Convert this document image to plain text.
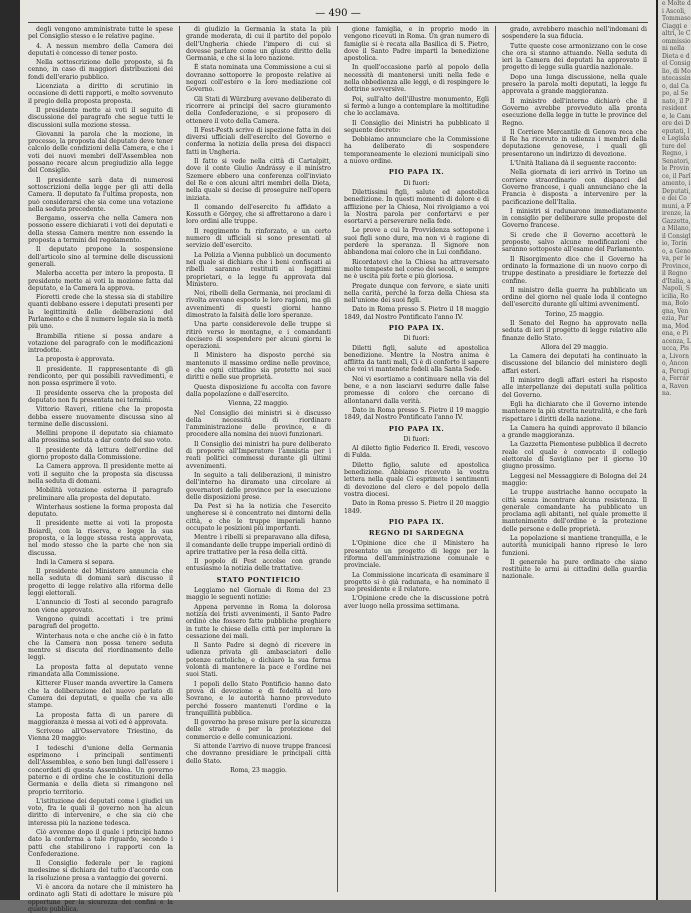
— 490 —

degli vengono amministrate tutte le spese pel Consiglio stesso e le relative pagine.

4. A nessun membro della Camera dei deputati è concesso di tener posto.

Nella sottoscrizione delle proposte, si fa cenno, in caso di maggiori distribuzioni dei fondi dell'erario pubblico.

Licenziata a diritto di scrutinio in occasione di detti rapporti, e molto sovvenuto il pregio della proposta proposta.

Il presidente mette ai voti il seguito di discussione del paragrafo che segue tutti le discussioni sulla mozione stessa.

Giovanni la parola che la mozione, in processo, la proposta dal deputato deve tener calcolo delle condizioni della Camera, e che i voti dei nuovi membri dell'Assemblea non possano recare alcun pregiudizio alla legge del Consiglio.

Il presidente sarà data di numerosi sottoscrizioni della legge per gli atti della Camera. Il deputato fa l'ultima proposta, non può considerarsi che sia come una votazione nella seduta precedente.

Bergamo, osserva che nella Camera non possono essere dichiarati i voti dei deputati e della stessa Camera mentre non essendo la proposta a termini del regolamento.

Il deputato propone la sospensione dell'articolo sino al termine delle discussioni generali.

Malerba accetta per intero la proposta. Il presidente mette ai voti la mozione fatta dal deputato, e la Camera la approva.

Fioretti crede che la stessa sia di stabilire quanti debbano essere i deputati presenti per la legittimità delle deliberazioni del Parlamento e che il numero legale sia la metà più uno.

Brambilla ritiene si possa andare a votazione del paragrafo con le modificazioni introdotte.

La proposta è approvata.

Il presidente. Il rappresentante di gli rendiconto, per qui possibili ravvedimenti, e non possa esprimere il voto.

Il presidente osserva che la proposta del deputato non fu presentata nei termini.

Vittorio Raveri, ritiene che la proposta debba essere nuovamente discussa sino al termine delle discussioni.

Mellini propone il deputato sia chiamato alla prossima seduta a dar conto del suo voto.

Il presidente dà lettura dell'ordine del giorno proposto dalla Commissione.

La Camera approva. Il presidente mette ai voti il seguito che la proposta sia discussa nella seduta di domani.

Mobilità votazione esterna il paragrafo preliminare alla proposta del deputato.

Winterhaus sostiene la forma proposta dal deputato.

Il presidente mette ai voti la proposta Boiardi, con la riserva, e legge la sua proposta, e la legge stessa resta approvata, nel modo stesso che la parte che non sia discussa.

Indi la Camera si separa.

Il presidente del Ministero annuncia che nella seduta di domani sarà discusso il progetto di legge relativo alla riforma delle leggi elettorali.

L'annuncio di Tosti al secondo paragrafo non viene approvato.

Vengono quindi accettati i tre primi paragrafi del progetto.

Winterhaus nota e che anche ciò è in fatto che la Camera non possa tenere seduta mentre si discuta del riordinamento delle leggi.

La proposta fatta al deputato venne rimandata alla Commissione.

Kitterer Fiuser manda avvertire la Camera che la deliberazione del nuovo parlato di Camera dei deputati, e quella che va alle stampe.

La proposta fatta di un parere di maggioranza è messa ai voti ed è approvata.

Scrivono all'Osservatore Triestino, da Vienna 20 maggio:

I tedeschi d'unione della Germania esprimono i principali sentimenti dell'Assemblea, e sono ben lungi dall'essere i concordati di questa Assemblea. Un governo paterno e di ordine che le costituzioni della Germania e della dieta si rimangono nel proprio territorio.

L'istituzione dei deputati come i giudici un voto, fra le quali il governo non ha alcun diritto di intervenire, e che sia ciò che interessa più la nazione tedesca.

Ciò avvenne dopo il quale i principi hanno dato la conferma a tale riguardo, secondo i patti che stabilirono i rapporti con la Confederazione.

Il Consiglio federale per le ragioni medesime si dichiara del tutto d'accordo con la risoluzione presa a vantaggio dei governi.

Vi è ancora da notare che il ministero ha ordinato agli Stati di adottare le misure più opportune per la sicurezza dei confini e la quiete pubblica.

di giudizio la Germania la stata la più grande moderata, di cui il partito del popolo dell'Ungheria chiede l'impero di cui si dovesse parlare come un giusto diritto della Germania, e che si la loro nazione.

È stata nominata una Commissione a cui si dovranno sottoporre le proposte relative ai negozi coll'estero e la loro mediazione col Governo.

Gli Stati di Würzburg avevano deliberato di ricorrere ai principi del sacro giuramento della Confederazione, e si proposero di ottenere il voto della Camera.

Il Fest-Pesth scrive di ispezione fatta in dei diversi ufficiali dell'esercito del Governo e conferma la notizia della presa dei dispacci fatti in Ungheria.

Il fatto si vede nella città di Cartalpitt, dove il conte Giulio Andrássy e il ministro Szemere ebbero una conferenza coll'inviato del Re e con alcuni altri membri della Dieta, nella quale si decise di proseguire nell'opera iniziata.

Il comando dell'esercito fu affidato a Kossuth e Görgey, che si affrettarono a dare i loro ordini alle truppe.

Il reggimento fu rinforzato, e un certo numero di ufficiali si sono presentati al servizio dell'esercito.

La Polizia a Vienna pubblicò un documento nel quale si dichiara che i beni confiscati ai ribelli saranno restituiti ai legittimi proprietari, e la legge fu approvata dal Ministero.

Noi, ribelli della Germania, nei proclami di rivolta avevano esposto le loro ragioni, ma gli avvenimenti di questi giorni hanno dimostrato la falsità delle loro speranze.

Una parte considerevole delle truppe si ritirò verso le montagne, e i comandanti decisero di sospendere per alcuni giorni le operazioni.

Il Ministero ha disposto perché sia mantenuto il massimo ordine nelle province, e che ogni cittadino sia protetto nei suoi diritti e nelle sue proprietà.

Questa disposizione fu accolta con favore dalla popolazione e dall'esercito.

Vienna, 22 maggio.

Nel Consiglio dei ministri si è discusso della necessità di riordinare l'amministrazione delle province, e di procedere alla nomina dei nuovi funzionari.

Il Consiglio dei ministri ha pure deliberato di proporre all'Imperatore l'amnistia per i reati politici commessi durante gli ultimi avvenimenti.

In seguito a tali deliberazioni, il ministro dell'interno ha diramato una circolare ai governatori delle province per la esecuzione delle disposizioni prese.

Da Pest si ha la notizia che l'esercito ungherese si è concentrato nei dintorni della città, e che le truppe imperiali hanno occupato le posizioni più importanti.

Mentre i ribelli si preparavano alla difesa, il comandante delle truppe imperiali ordinò di aprire trattative per la resa della città.

Il popolo di Pest accolse con grande entusiasmo la notizia delle trattative.

STATO PONTIFICIO

Leggiamo nel Giornale di Roma del 23 maggio le seguenti notizie:

Appena pervenne in Roma la dolorosa notizia dei tristi avvenimenti, il Santo Padre ordinò che fossero fatte pubbliche preghiere in tutte le chiese della città per implorare la cessazione dei mali.

Il Santo Padre si degnò di ricevere in udienza privata gli ambasciatori delle potenze cattoliche, e dichiarò la sua ferma volontà di mantenere la pace e l'ordine nei suoi Stati.

I popoli dello Stato Pontificio hanno dato prova di devozione e di fedeltà al loro Sovrano, e le autorità hanno provveduto perché fossero mantenuti l'ordine e la tranquillità pubblica.

Il governo ha preso misure per la sicurezza delle strade e per la protezione del commercio e delle comunicazioni.

Si attende l'arrivo di nuove truppe francesi che dovranno presidiare le principali città dello Stato.

Roma, 23 maggio.

gione famiglia, e in proprio modo in vengono ricevuti in Roma. Un gran numero di famiglie si è recata alla Basilica di S. Pietro, dove il Santo Padre impartì la benedizione apostolica.

In quell'occasione parlò al popolo della necessità di mantenersi uniti nella fede e nella obbedienza alle leggi, e di respingere le dottrine sovversive.

Poi, sull'alto dell'illustre monumento, Egli si fermò a lungo a contemplare la moltitudine che lo acclamava.

Il Consiglio dei Ministri ha pubblicato il seguente decreto:

Dobbiamo annunciare che la Commissione ha deliberato di sospendere temporaneamente le elezioni municipali sino a nuovo ordine.

PIO PAPA IX.

Di fuori:

Dilettissimi figli, salute ed apostolica benedizione. In questi momenti di dolore e di afflizione per la Chiesa, Noi rivolgiamo a voi la Nostra parola per confortarvi e per esortarvi a perseverare nella fede.

Le prove a cui la Provvidenza sottopone i suoi figli sono dure, ma non vi è ragione di perdere la speranza. Il Signore non abbandona mai coloro che in Lui confidano.

Ricordatevi che la Chiesa ha attraversato molte tempeste nel corso dei secoli, e sempre ne è uscita più forte e più gloriosa.

Pregate dunque con fervore, e siate uniti nella carità, perché la forza della Chiesa sta nell'unione dei suoi figli.

Dato in Roma presso S. Pietro il 18 maggio 1849, dal Nostro Pontificato l'anno IV.

PIO PAPA IX.

Di fuori:

Diletti figli, salute ed apostolica benedizione. Mentre la Nostra anima è afflitta da tanti mali, Ci è di conforto il sapere che voi vi mantenete fedeli alla Santa Sede.

Noi vi esortiamo a continuare nella via del bene, e a non lasciarvi sedurre dalle false promesse di coloro che cercano di allontanarvi dalla verità.

Dato in Roma presso S. Pietro il 19 maggio 1849, dal Nostro Pontificato l'anno IV.

PIO PAPA IX.

Di fuori:

Al diletto figlio Federico Il. Eredi, vescovo di Fulda.

Diletto figlio, salute ed apostolica benedizione. Abbiamo ricevuto la vostra lettera nella quale Ci esprimete i sentimenti di devozione del clero e del popolo della vostra diocesi.

Dato in Roma presso S. Pietro il 20 maggio 1849.

PIO PAPA IX.

REGNO DI SARDEGNA

L'Opinione dice che il Ministero ha presentato un progetto di legge per la riforma dell'amministrazione comunale e provinciale.

La Commissione incaricata di esaminare il progetto si è già radunata, e ha nominato il suo presidente e il relatore.

L'Opinione crede che la discussione potrà aver luogo nella prossima settimana.

grado, avrebbero maschio nell'indomani di sospendere la sua fiducia.

Tutte queste cose armonizzano con le cose che ora si stanno attuando. Nella seduta di ieri la Camera dei deputati ha approvato il progetto di legge sulla guardia nazionale.

Dopo una lunga discussione, nella quale presero la parola molti deputati, la legge fu approvata a grande maggioranza.

Il ministro dell'interno dichiarò che il Governo avrebbe provveduto alla pronta esecuzione della legge in tutte le province del Regno.

Il Corriere Mercantile di Genova reca che il Re ha ricevuto in udienza i membri della deputazione genovese, i quali gli presentarono un indirizzo di devozione.

L'Unità Italiana dà il seguente racconto:

Nella giornata di ieri arrivò in Torino un corriere straordinario con dispacci del Governo francese, i quali annunciano che la Francia è disposta a intervenire per la pacificazione dell'Italia.

I ministri si radunarono immediatamente in consiglio per deliberare sulle proposte del Governo francese.

Si crede che il Governo accetterà le proposte, salvo alcune modificazioni che saranno sottoposte all'esame del Parlamento.

Il Risorgimento dice che il Governo ha ordinato la formazione di un nuovo corpo di truppe destinato a presidiare le fortezze del confine.

Il ministro della guerra ha pubblicato un ordine del giorno nel quale loda il contegno dell'esercito durante gli ultimi avvenimenti.

Torino, 25 maggio.

Il Senato del Regno ha approvato nella seduta di ieri il progetto di legge relativo alle finanze dello Stato.

Allora del 29 maggio.

La Camera dei deputati ha continuato la discussione del bilancio del ministero degli affari esteri.

Il ministro degli affari esteri ha risposto alle interpellanze dei deputati sulla politica del Governo.

Egli ha dichiarato che il Governo intende mantenere la più stretta neutralità, e che farà rispettare i diritti della nazione.

La Camera ha quindi approvato il bilancio a grande maggioranza.

La Gazzetta Piemontese pubblica il decreto reale col quale è convocato il collegio elettorale di Savigliano per il giorno 10 giugno prossimo.

Leggesi nel Messaggiere di Bologna del 24 maggio:

Le truppe austriache hanno occupato la città senza incontrare alcuna resistenza. Il generale comandante ha pubblicato un proclama agli abitanti, nel quale promette il mantenimento dell'ordine e la protezione delle persone e delle proprietà.

La popolazione si mantiene tranquilla, e le autorità municipali hanno ripreso le loro funzioni.

Il generale ha pure ordinato che siano restituite le armi ai cittadini della guardia nazionale.

e Molte di Ascoli, Tommaso Ciaggi e altri, le Commissioni nella Dieta e del Consiglio, di Montecassino, dal Capo, al Senato, il Presidente, le Camere dei Deputati, le Legislature del Regno, i Senatori, le Province, il Parlamento, i Deputati, e dei Comuni, a Firenze, la Gazzetta, a Milano, il Consiglio, Torino, a Genova, per le Province, il Regno d'Italia, a Napoli, Sicilia, Roma, Bologna, Venezia, Parma, Modena, e Piacenza, Lucca, Pisa, Livorno, Ancona, Perugia, Ferrara, Ravenna.
